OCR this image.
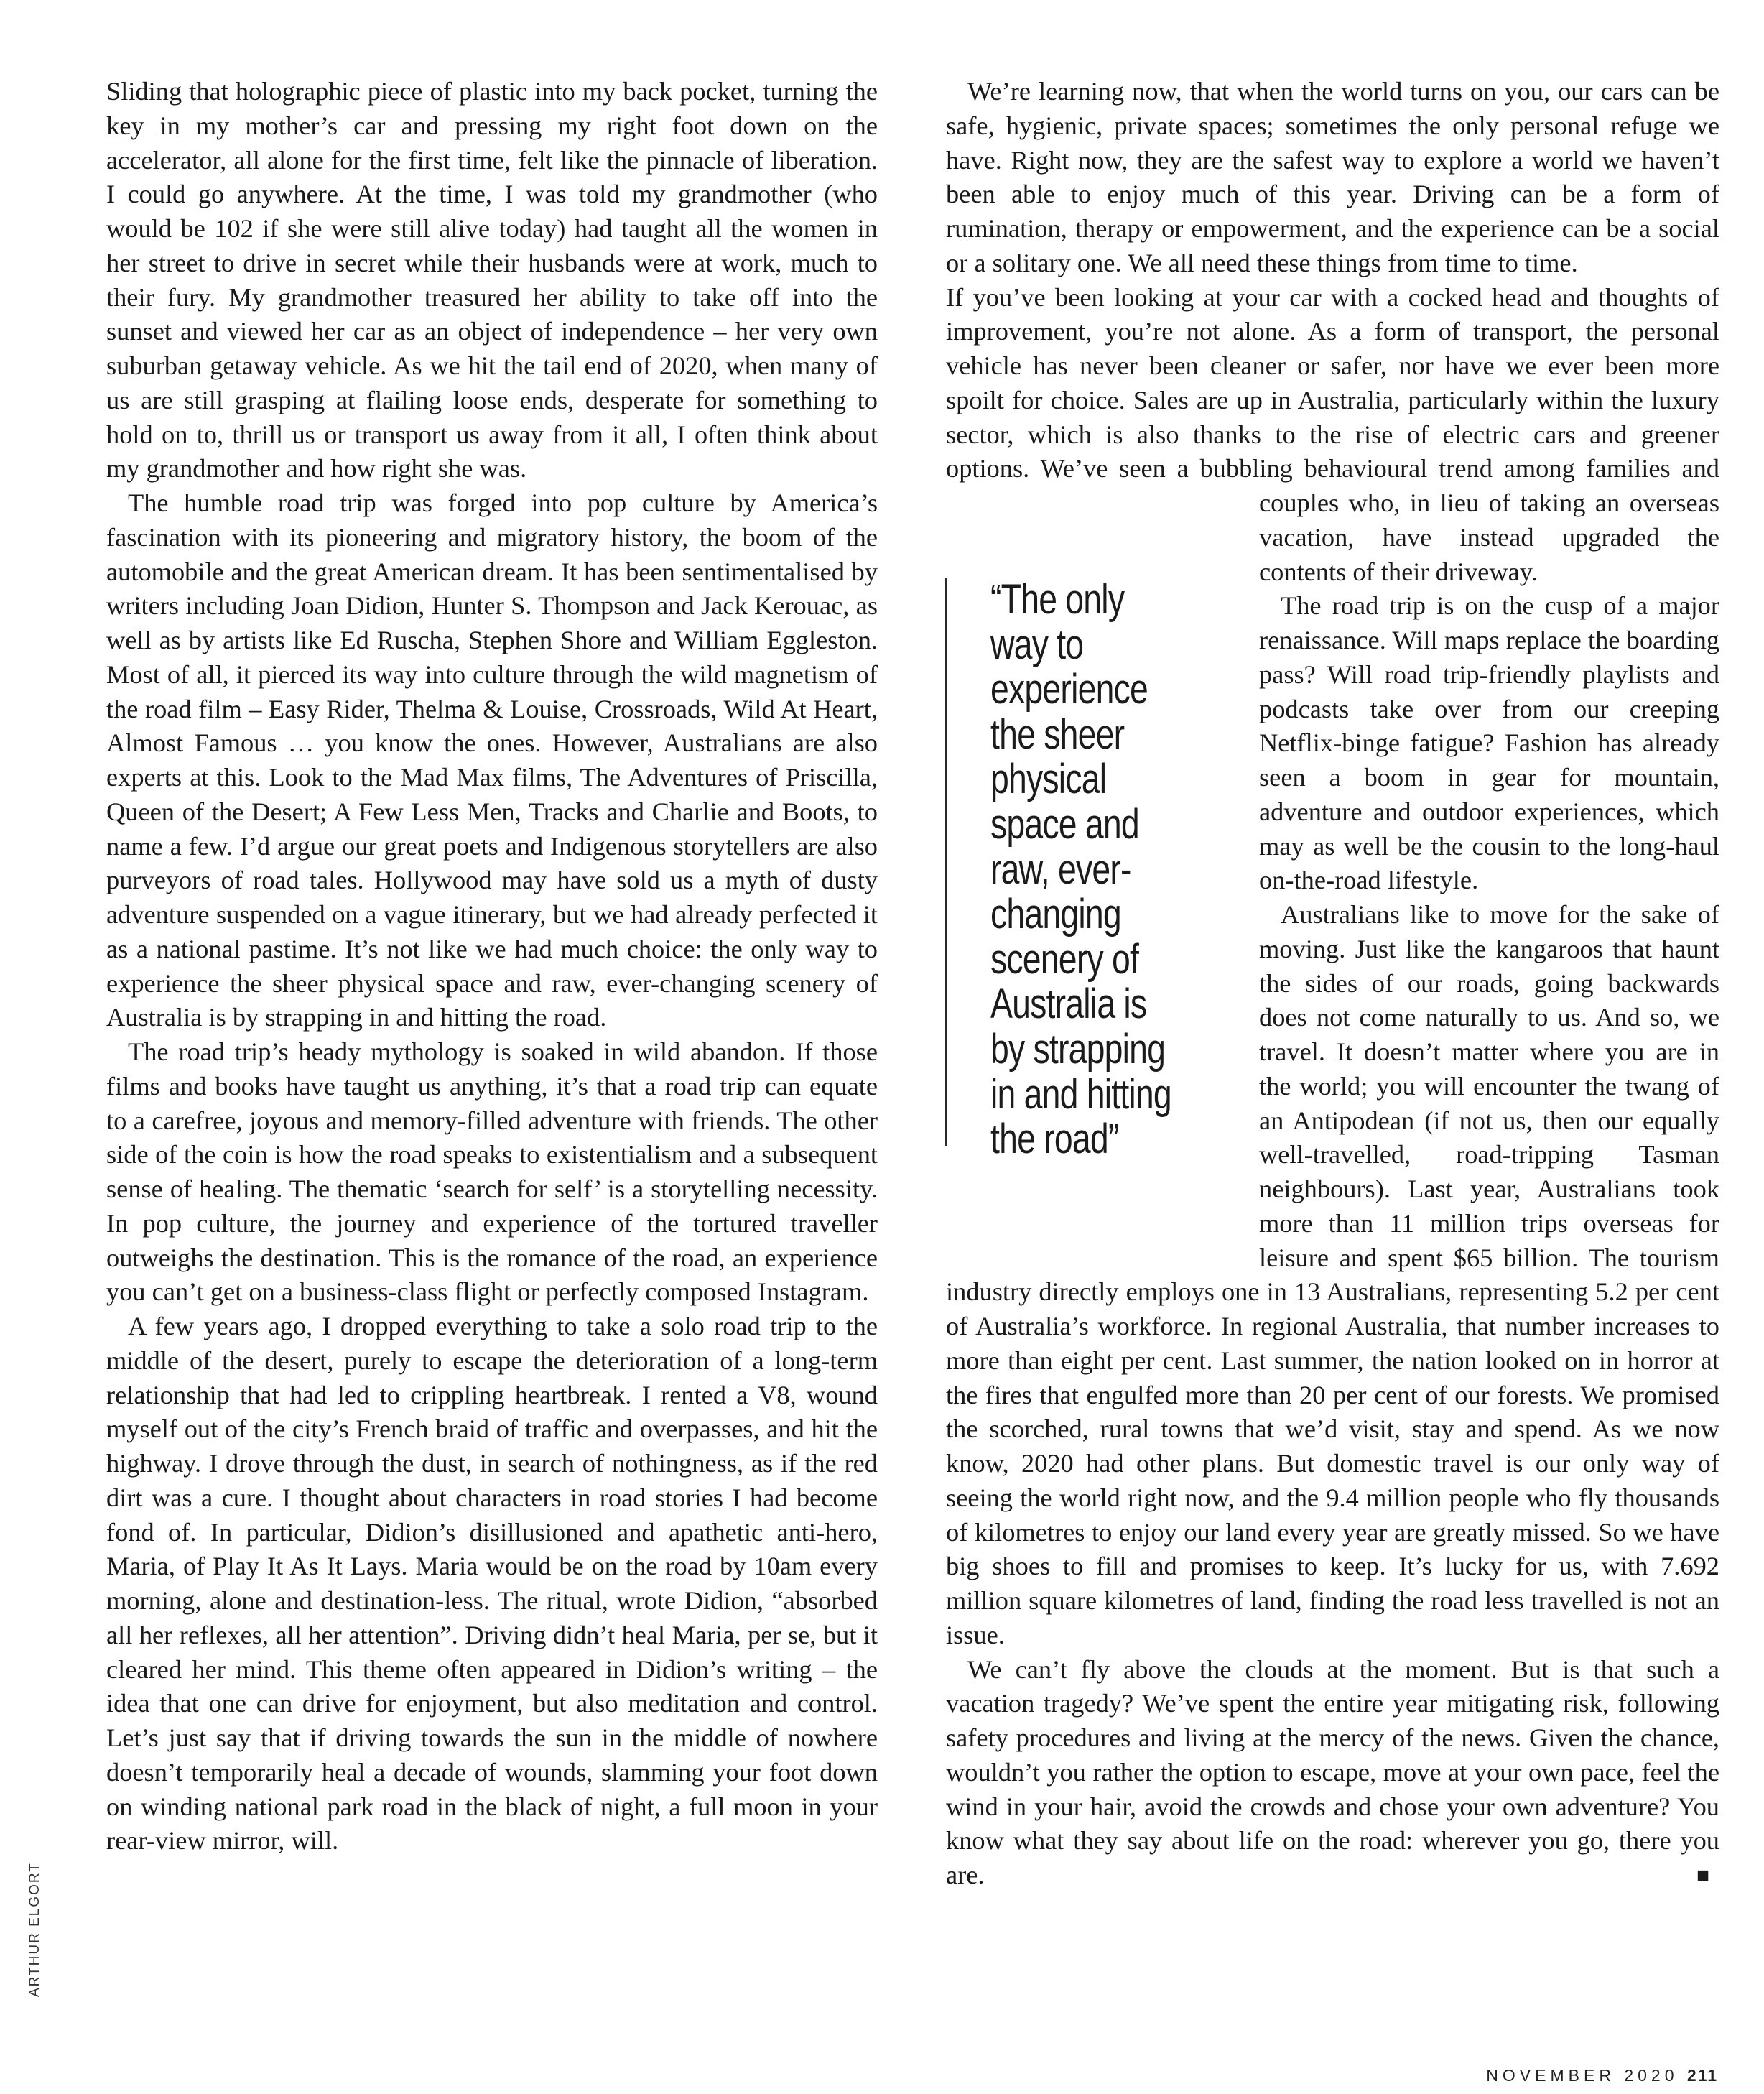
Sliding that holographic piece of plastic into my back pocket, turning the key in my mother’s car and pressing my right foot down on the accelerator, all alone for the first time, felt like the pinnacle of liberation. I could go anywhere. At the time, I was told my grandmother (who would be 102 if she were still alive today) had taught all the women in her street to drive in secret while their husbands were at work, much to their fury. My grandmother treasured her ability to take off into the sunset and viewed her car as an object of independence – her very own suburban getaway vehicle. As we hit the tail end of 2020, when many of us are still grasping at flailing loose ends, desperate for something to hold on to, thrill us or transport us away from it all, I often think about my grandmother and how right she was.

The humble road trip was forged into pop culture by America’s fascination with its pioneering and migratory history, the boom of the automobile and the great American dream. It has been sentimentalised by writers including Joan Didion, Hunter S. Thompson and Jack Kerouac, as well as by artists like Ed Ruscha, Stephen Shore and William Eggleston. Most of all, it pierced its way into culture through the wild magnetism of the road film – Easy Rider, Thelma & Louise, Crossroads, Wild At Heart, Almost Famous … you know the ones. However, Australians are also experts at this. Look to the Mad Max films, The Adventures of Priscilla, Queen of the Desert; A Few Less Men, Tracks and Charlie and Boots, to name a few. I’d argue our great poets and Indigenous storytellers are also purveyors of road tales. Hollywood may have sold us a myth of dusty adventure suspended on a vague itinerary, but we had already perfected it as a national pastime. It’s not like we had much choice: the only way to experience the sheer physical space and raw, ever-changing scenery of Australia is by strapping in and hitting the road.

The road trip’s heady mythology is soaked in wild abandon. If those films and books have taught us anything, it’s that a road trip can equate to a carefree, joyous and memory-filled adventure with friends. The other side of the coin is how the road speaks to existentialism and a subsequent sense of healing. The thematic ‘search for self’ is a storytelling necessity. In pop culture, the journey and experience of the tortured traveller outweighs the destination. This is the romance of the road, an experience you can’t get on a business-class flight or perfectly composed Instagram.

A few years ago, I dropped everything to take a solo road trip to the middle of the desert, purely to escape the deterioration of a long-term relationship that had led to crippling heartbreak. I rented a V8, wound myself out of the city’s French braid of traffic and overpasses, and hit the highway. I drove through the dust, in search of nothingness, as if the red dirt was a cure. I thought about characters in road stories I had become fond of. In particular, Didion’s disillusioned and apathetic anti-hero, Maria, of Play It As It Lays. Maria would be on the road by 10am every morning, alone and destination-less. The ritual, wrote Didion, “absorbed all her reflexes, all her attention”. Driving didn’t heal Maria, per se, but it cleared her mind. This theme often appeared in Didion’s writing – the idea that one can drive for enjoyment, but also meditation and control. Let’s just say that if driving towards the sun in the middle of nowhere doesn’t temporarily heal a decade of wounds, slamming your foot down on winding national park road in the black of night, a full moon in your rear-view mirror, will.

We’re learning now, that when the world turns on you, our cars can be safe, hygienic, private spaces; sometimes the only personal refuge we have. Right now, they are the safest way to explore a world we haven’t been able to enjoy much of this year. Driving can be a form of rumination, therapy or empowerment, and the experience can be a social or a solitary one. We all need these things from time to time.

If you’ve been looking at your car with a cocked head and thoughts of improvement, you’re not alone. As a form of transport, the personal vehicle has never been cleaner or safer, nor have we ever been more spoilt for choice. Sales are up in Australia, particularly within the luxury sector, which is also thanks to the rise of electric cars and greener options. We’ve seen a bubbling behavioural trend among families and couples who, in lieu of taking an overseas vacation, have instead upgraded the contents of their driveway.

The road trip is on the cusp of a major renaissance. Will maps replace the boarding pass? Will road trip-friendly playlists and podcasts take over from our creeping Netflix-binge fatigue? Fashion has already seen a boom in gear for mountain, adventure and outdoor experiences, which may as well be the cousin to the long-haul on-the-road lifestyle.

Australians like to move for the sake of moving. Just like the kangaroos that haunt the sides of our roads, going backwards does not come naturally to us. And so, we travel. It doesn’t matter where you are in the world; you will encounter the twang of an Antipodean (if not us, then our equally well-travelled, road-tripping Tasman neighbours). Last year, Australians took more than 11 million trips overseas for leisure and spent $65 billion. The tourism industry directly employs one in 13 Australians, representing 5.2 per cent of Australia’s workforce. In regional Australia, that number increases to more than eight per cent. Last summer, the nation looked on in horror at the fires that engulfed more than 20 per cent of our forests. We promised the scorched, rural towns that we’d visit, stay and spend. As we now know, 2020 had other plans. But domestic travel is our only way of seeing the world right now, and the 9.4 million people who fly thousands of kilometres to enjoy our land every year are greatly missed. So we have big shoes to fill and promises to keep. It’s lucky for us, with 7.692 million square kilometres of land, finding the road less travelled is not an issue.

We can’t fly above the clouds at the moment. But is that such a vacation tragedy? We’ve spent the entire year mitigating risk, following safety procedures and living at the mercy of the news. Given the chance, wouldn’t you rather the option to escape, move at your own pace, feel the wind in your hair, avoid the crowds and chose your own adventure? You know what they say about life on the road: wherever you go, there you are.	■

“The only way to experience the sheer physical space and raw, ever-changing scenery of Australia is by strapping in and hitting the road”
ARTHUR ELGORT
NOVEMBER 2020 211
